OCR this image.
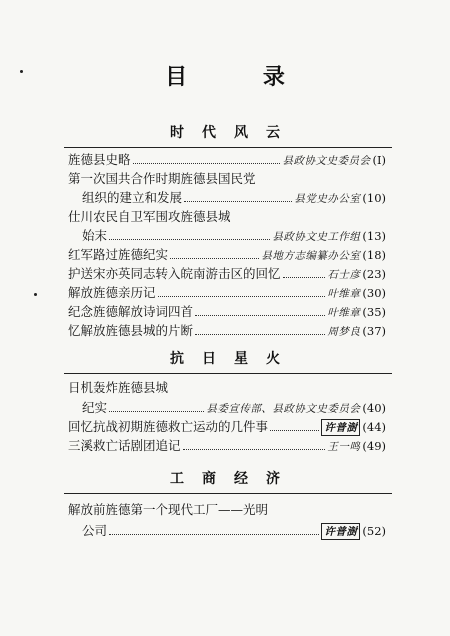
目 录
时代风云
旌德县史略	县政协文史委员会 (Ⅰ)
第一次国共合作时期旌德县国民党
组织的建立和发展	县党史办公室 (10)
仕川农民自卫军围攻旌德县城
始末	县政协文史工作组 (13)
红军路过旌德纪实	县地方志编纂办公室 (18)
护送宋亦英同志转入皖南游击区的回忆	石士彦 (23)
解放旌德亲历记	叶维章 (30)
纪念旌德解放诗词四首	叶维章 (35)
忆解放旌德县城的片断	周梦良 (37)
抗日星火
日机轰炸旌德县城
纪实	县委宣传部、县政协文史委员会 (40)
回忆抗战初期旌德救亡运动的几件事	许普澍 (44)
三溪救亡话剧团追记	王一鸣 (49)
工商经济
解放前旌德第一个现代工厂——光明
公司	许普澍 (52)
